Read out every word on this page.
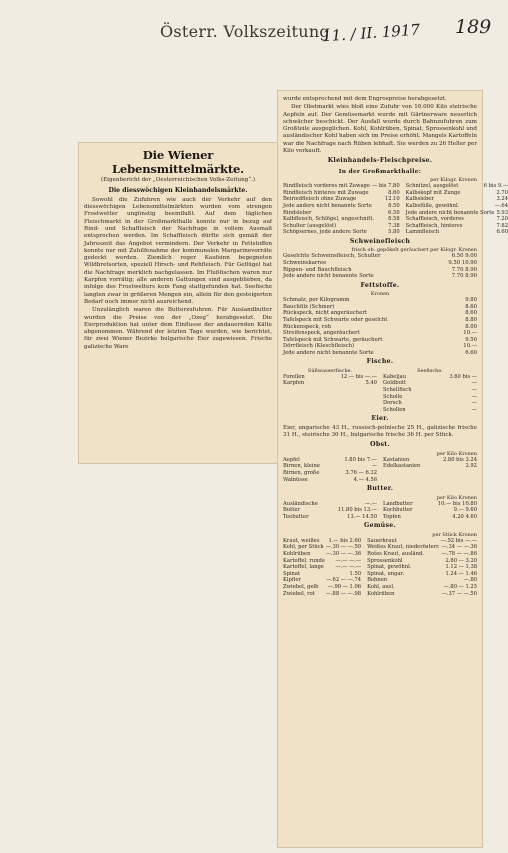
Österr. Volkszeitung
11. / II. 1917 189
Die Wiener Lebensmittelmärkte.
(Eigenbericht der „Oesterreichischen Volks-Zeitung“.)
Die diesswöchigen Kleinhandelsmärkte.

Sowohl die Zufuhren wie auch der Verkehr auf den diesswöchigen Lebensmittelmärkten wurden vom strengen Frostwetter ungünstig beeinflußt. Auf dem täglichen Fleischmarkt in der Großmarkthalle konnte nur in bezug auf Rind- und Schaffleisch der Nachfrage in vollem Ausmaß entsprochen werden. Im Schaffleisch dürfte sich gemäß der Jahreszeit das Angebot vermindern. Der Verkehr in Fettstoffen konnte nur mit Zuhilfenahme der kommunalen Margarinevorräte gedeckt werden. Ziemlich reger Kaufsinn begegneten Wildbretsorten, speziell Hirsch- und Rehfleisch. Für Geflügel hat die Nachfrage merklich nachgelassen. Im Flußfischen waren nur Karpfen vorrätig; alle anderen Gattungen sind ausgeblieben, da infolge des Frostwetters kein Fang stattgefunden hat. Seefische langten zwar in größeren Mengen ein, allein für den gesteigerten Bedarf noch immer nicht ausreichend.

Unzulänglich waren die Butterzufuhren. Für Auslandbutter wurden die Preise von der „Ozeg“ herabgesetzt. Die Eierproduktion hat unter dem Einflusse der andauernden Kälte abgenommen. Während der letzten Tage wurden, wie berichtet, für zwei Wiener Bezirke bulgarische Eier zugewiesen. Frische galizische Ware

wurde entsprechend mit dem Engrospreise herabgesetzt.

Der Obstmarkt wies bloß eine Zufuhr von 10.000 Kilo steirische Aepfeln auf. Der Gemüsemarkt wurde mit Gärtnerware neuerlich schwächer beschickt. Der Ausfall wurde durch Bahnzufuhren zum Großteile ausgeglichen. Kohl, Kohlrüben, Spinat, Sprossenkohl und ausländischer Kohl haben sich im Preise erhöht. Mangels Kartoffeln war die Nachfrage nach Rüben lebhaft. Sie werden zu 26 Heller per Kilo verkauft.

Kleinhandels-Fleischpreise.
In der Großmarkthalle:
per Kilogr. Kronen
Rindfleisch vorderes mit Zuwage — bis 7.80
Rindfleisch hinteres mit Zuwage	8.60
Beiriedfleisch ohne Zuwage	12.10
Jede andere nicht benannte Sorte	8.50
Rindsleber	6.50
Kalbfleisch, Schlögel, ungeschnitt.	8.58
Schulter (ausgelöst)	7.38
Schöpsernes, jede andere Sorte	5.80
Schnitzel, ausgelöst	6 bis 9.—
Kalbskopf mit Zunge	2.70
Kalbsleber	3.24
Kalbsfüße, gewöhnl.	—.64
Jede andere nicht benannte Sorte 5.93
Schaffleisch, vorderes	7.20
Schaffleisch, hinteres	7.82
Lammfleisch	6.60
Schweinefleisch
frisch ob. gepökelt geräuchert per Kilogr. Kronen
Geselchte Schweinsfleisch, Schulter	6.50 9.00
Schweinskarree	9.50 10.90
Rippen- und Bauchfleisch	7.70 8.90
Jede andere nicht benannte Sorte	7.70 8.90
Fettstoffe.
Kronen
Schmalz, per Kilogramm	9.80
Bauchfilz (Schmer)	8.60
Rückspeck, nicht angeräuchert	8.60
Tafelspeck mit Schwarte oder geselcht	8.80
Rückenspeck, roh	8.00
Streifenspeck, angeräuchert	10.—
Tafelspeck mit Schwarte, geräuchert	9.50
Dörrfleisch (Kleschfleisch)	10.—
Jede andere nicht benannte Sorte	6.60
Fische.
Süßwasserfische.
Forellen	12.— bis —.—
Karpfen	5.40
Seefische.
Kabeljau	3.60 bis —
Goldbutt	—
Schellfisch	—
Scholle	—
Dorsch	—
Schollen	—
Eier.

Eier, ungarische 43 H., russisch-polnische 25 H., galizische frische 31 H., steirische 30 H., bulgarische frische 36 H. per Stück.

Obst.
per Kilo Kronen
Aepfel	1.80 bis 7.—
Birnen, kleine	—
Birnen, große	3.76 — 6.32
Walnüsse	4.— 4.56
Kastanien	2.80 bis 3.24
Edelkastanien	2.92
Butter.
per Kilo Kronen
Ausländische	—.—
Butter	11.80 bis 13.—
Teebutter	13.— 14.50
Landbutter	10.— bis 10.80
Kochbutter	9.— 9.60
Topfen	4.20 4.60
Gemüse.
per Stück Kronen
Kraut, weißes	1.— bis 2.60
Kohl, per Stück —.30 — —.50
Kohlrüben	—.30 — —.36
Kartoffel, runde	—.— —.—
Kartoffel, lange	—.— —.—
Spinat	1.50
Kipfler	—.62 — —.74
Zwiebel, gelb	—.90 — 1.06
Zwiebel, rot	—.88 — —.98
Sauerkraut	—.52 bis —.—
Weißes Kraut, niederösterr. —.34 — —.36
Rotes Kraut, ausländ.	—.78 — —.86
Sprossenkohl	2.80 — 3.20
Spinat, gewöhnl.	1.12 — 1.38
Spinat, ungar.	1.24 — 1.46
Bohnen	—.80
Kohl, ausl.	—.80 — 1.25
Kohlrüben	—.37 — —.50
